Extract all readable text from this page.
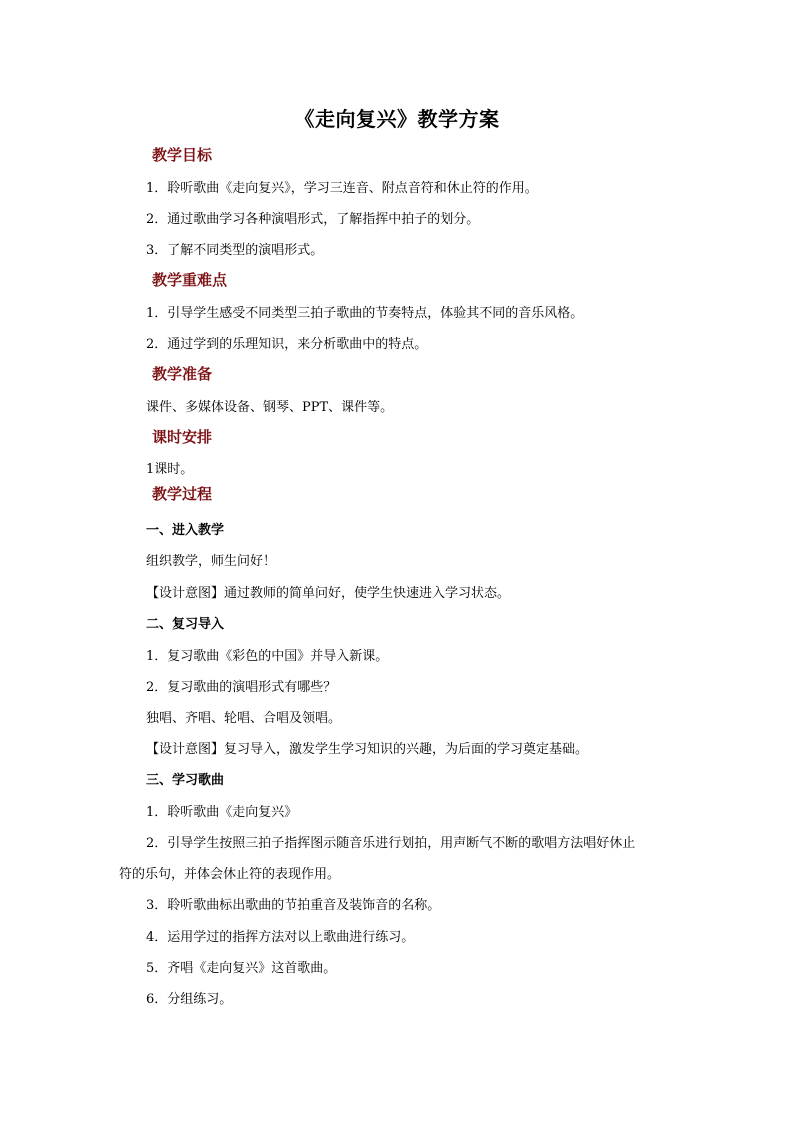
《走向复兴》教学方案
教学目标
1．聆听歌曲《走向复兴》，学习三连音、附点音符和休止符的作用。
2．通过歌曲学习各种演唱形式，了解指挥中拍子的划分。
3．了解不同类型的演唱形式。
教学重难点
1．引导学生感受不同类型三拍子歌曲的节奏特点，体验其不同的音乐风格。
2．通过学到的乐理知识，来分析歌曲中的特点。
教学准备
课件、多媒体设备、钢琴、PPT、课件等。
课时安排
1课时。
教学过程
一、进入教学
组织教学，师生问好！
【设计意图】通过教师的简单问好，使学生快速进入学习状态。
二、复习导入
1．复习歌曲《彩色的中国》并导入新课。
2．复习歌曲的演唱形式有哪些？
独唱、齐唱、轮唱、合唱及领唱。
【设计意图】复习导入，激发学生学习知识的兴趣，为后面的学习奠定基础。
三、学习歌曲
1．聆听歌曲《走向复兴》
2．引导学生按照三拍子指挥图示随音乐进行划拍，用声断气不断的歌唱方法唱好休止
符的乐句，并体会休止符的表现作用。
3．聆听歌曲标出歌曲的节拍重音及装饰音的名称。
4．运用学过的指挥方法对以上歌曲进行练习。
5．齐唱《走向复兴》这首歌曲。
6．分组练习。
